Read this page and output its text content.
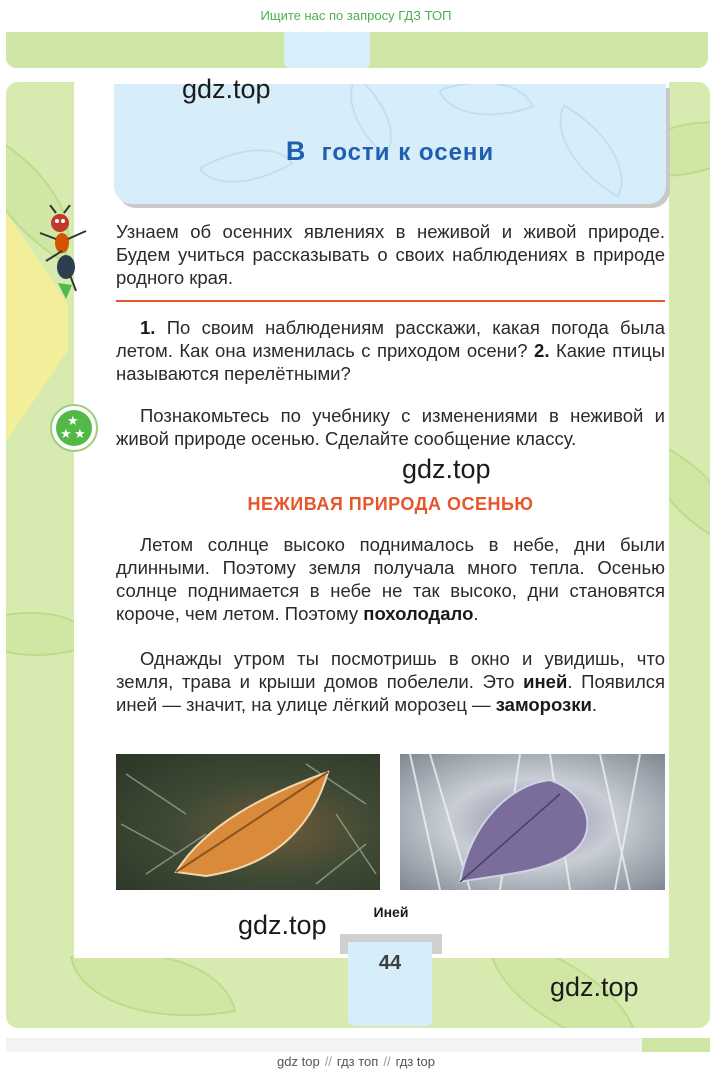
Ищите нас по запросу ГДЗ ТОП
В гости к осени
gdz.top
Узнаем об осенних явлениях в неживой и живой природе. Будем учиться рассказывать о своих наблюдениях в природе родного края.
1. По своим наблюдениям расскажи, какая погода была летом. Как она изменилась с приходом осени? 2. Какие птицы называются перелётными?
★
★ ★
Познакомьтесь по учебнику с изменениями в неживой и живой природе осенью. Сделайте сообщение классу.
gdz.top
НЕЖИВАЯ ПРИРОДА ОСЕНЬЮ
Летом солнце высоко поднималось в небе, дни были длинными. Поэтому земля получала много тепла. Осенью солнце поднимается в небе не так высоко, дни становятся короче, чем летом. Поэтому похолодало.
Однажды утром ты посмотришь в окно и увидишь, что земля, трава и крыши домов побелели. Это иней. Появился иней — значит, на улице лёгкий морозец — заморозки.
Иней
gdz.top
44
gdz.top
gdz top // гдз топ // гдз top
